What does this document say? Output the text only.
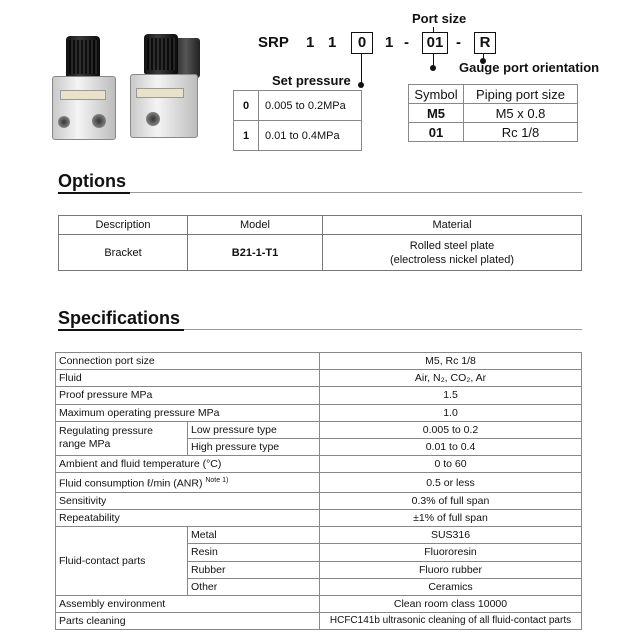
SRP 1 1	0	1 -	01 -	R
Port size
Set pressure
Gauge port orientation
0	0.005 to 0.2MPa
1	0.01 to 0.4MPa
Symbol	Piping port size
M5	M5 x 0.8
01	Rc 1/8
Options
Description	Model	Material
Bracket	B21-1-T1	Rolled steel plate
(electroless nickel plated)
Specifications
Connection port size		M5, Rc 1/8
Fluid		Air, N₂, CO₂, Ar
Proof pressure MPa		1.5
Maximum operating pressure MPa		1.0

Regulating pressure
range MPa	Low pressure type	0.005 to 0.2
	High pressure type	0.01 to 0.4
Ambient and fluid temperature (°C)		0 to 60
Fluid consumption ℓ/min (ANR) $^{Note 1)}$		0.5 or less
Sensitivity		0.3% of full span
Repeatability		±1% of full span
Fluid-contact parts	Metal	SUS316
	Resin	Fluororesin
	Rubber	Fluoro rubber
	Other	Ceramics
Assembly environment		Clean room class 10000
Parts cleaning		HCFC141b ultrasonic cleaning of all fluid-contact parts
